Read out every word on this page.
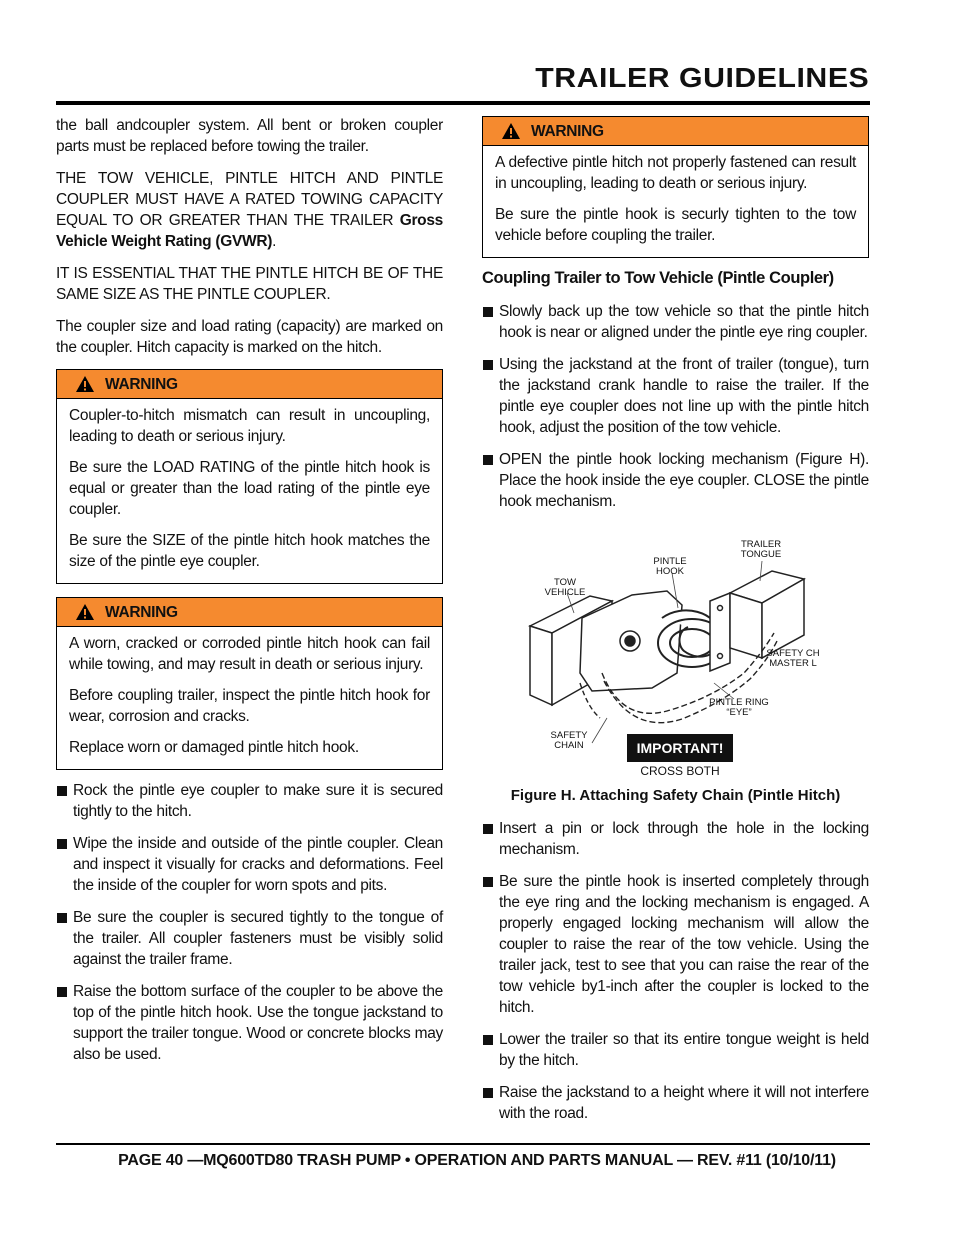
TRAILER GUIDELINES

the ball andcoupler system. All bent or broken coupler parts must be replaced before towing the trailer.

THE TOW VEHICLE, PINTLE HITCH AND PINTLE COUPLER MUST HAVE A RATED TOWING CAPACITY EQUAL TO OR GREATER THAN THE TRAILER Gross Vehicle Weight Rating (GVWR).

IT IS ESSENTIAL THAT THE PINTLE HITCH BE OF THE SAME SIZE AS THE PINTLE COUPLER.

The coupler size and load rating (capacity) are marked on the coupler. Hitch capacity is marked on the hitch.

WARNING

Coupler-to-hitch mismatch can result in uncoupling, leading to death or serious injury.

Be sure the LOAD RATING of the pintle hitch hook is equal or greater than the load rating of the pintle eye coupler.

Be sure the SIZE of the pintle hitch hook matches the size of the pintle eye coupler.

WARNING

A worn, cracked or corroded pintle hitch hook can fail while towing, and may result in death or serious injury.

Before coupling trailer, inspect the pintle hitch hook for wear, corrosion and cracks.

Replace worn or damaged pintle hitch hook.

Rock the pintle eye coupler to make sure it is secured tightly to the hitch.
Wipe the inside and outside of the pintle coupler. Clean and inspect it visually for cracks and deformations. Feel the inside of the coupler for worn spots and pits.
Be sure the coupler is secured tightly to the tongue of the trailer. All coupler fasteners must be visibly solid against the trailer frame.
Raise the bottom surface of the coupler to be above the top of the pintle hitch hook. Use the tongue jackstand to support the trailer tongue. Wood or concrete blocks may also be used.
WARNING

A defective pintle hitch not properly fastened can result in uncoupling, leading to death or serious injury.

Be sure the pintle hook is securly tighten to the tow vehicle before coupling the trailer.

Coupling Trailer to Tow Vehicle (Pintle Coupler)
Slowly back up the tow vehicle so that the pintle hitch hook is near or aligned under the pintle eye ring coupler.
Using the jackstand at the front of trailer (tongue), turn the jackstand crank handle to raise the trailer. If the pintle eye coupler does not line up with the pintle hitch hook, adjust the position of the tow vehicle.
OPEN the pintle hook locking mechanism (Figure H). Place the hook inside the eye coupler. CLOSE the pintle hook mechanism.
TRAILER TONGUE
PINTLE HOOK
TOW VEHICLE
SAFETY CH MASTER L
PINTLE RING “EYE”
SAFETY CHAIN	IMPORTANT!
CROSS BOTH
Figure H. Attaching Safety Chain (Pintle Hitch)
Insert a pin or lock through the hole in the locking mechanism.
Be sure the pintle hook is inserted completely through the eye ring and the locking mechanism is engaged. A properly engaged locking mechanism will allow the coupler to raise the rear of the tow vehicle. Using the trailer jack, test to see that you can raise the rear of the tow vehicle by1-inch after the coupler is locked to the hitch.
Lower the trailer so that its entire tongue weight is held by the hitch.
Raise the jackstand to a height where it will not interfere with the road.
PAGE 40 —MQ600TD80 TRASH PUMP • OPERATION AND PARTS MANUAL — REV. #11 (10/10/11)
